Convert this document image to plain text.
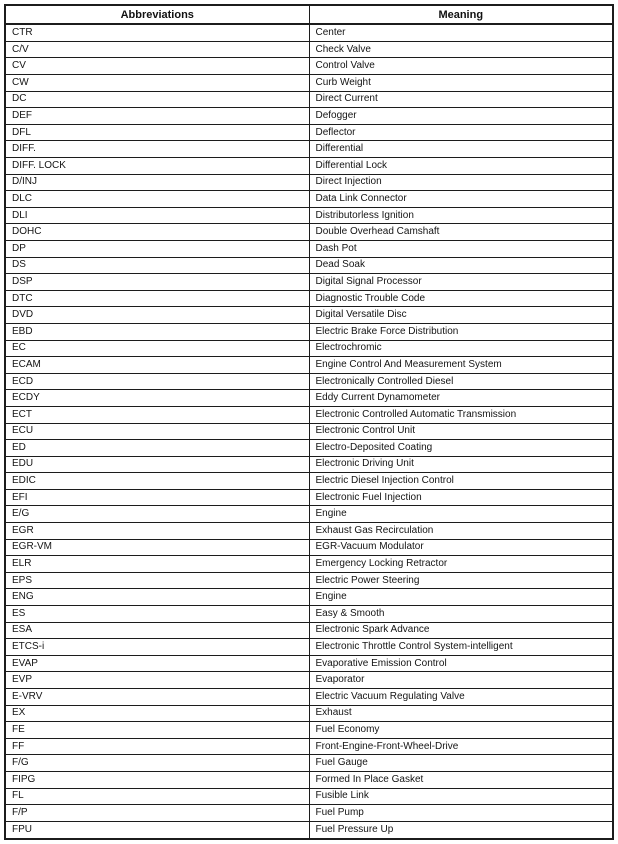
Abbreviations	Meaning
CTR	Center
C/V	Check Valve
CV	Control Valve
CW	Curb Weight
DC	Direct Current
DEF	Defogger
DFL	Deflector
DIFF.	Differential
DIFF. LOCK	Differential Lock
D/INJ	Direct Injection
DLC	Data Link Connector
DLI	Distributorless Ignition
DOHC	Double Overhead Camshaft
DP	Dash Pot
DS	Dead Soak
DSP	Digital Signal Processor
DTC	Diagnostic Trouble Code
DVD	Digital Versatile Disc
EBD	Electric Brake Force Distribution
EC	Electrochromic
ECAM	Engine Control And Measurement System
ECD	Electronically Controlled Diesel
ECDY	Eddy Current Dynamometer
ECT	Electronic Controlled Automatic Transmission
ECU	Electronic Control Unit
ED	Electro-Deposited Coating
EDU	Electronic Driving Unit
EDIC	Electric Diesel Injection Control
EFI	Electronic Fuel Injection
E/G	Engine
EGR	Exhaust Gas Recirculation
EGR-VM	EGR-Vacuum Modulator
ELR	Emergency Locking Retractor
EPS	Electric Power Steering
ENG	Engine
ES	Easy & Smooth
ESA	Electronic Spark Advance
ETCS-i	Electronic Throttle Control System-intelligent
EVAP	Evaporative Emission Control
EVP	Evaporator
E-VRV	Electric Vacuum Regulating Valve
EX	Exhaust
FE	Fuel Economy
FF	Front-Engine-Front-Wheel-Drive
F/G	Fuel Gauge
FIPG	Formed In Place Gasket
FL	Fusible Link
F/P	Fuel Pump
FPU	Fuel Pressure Up
